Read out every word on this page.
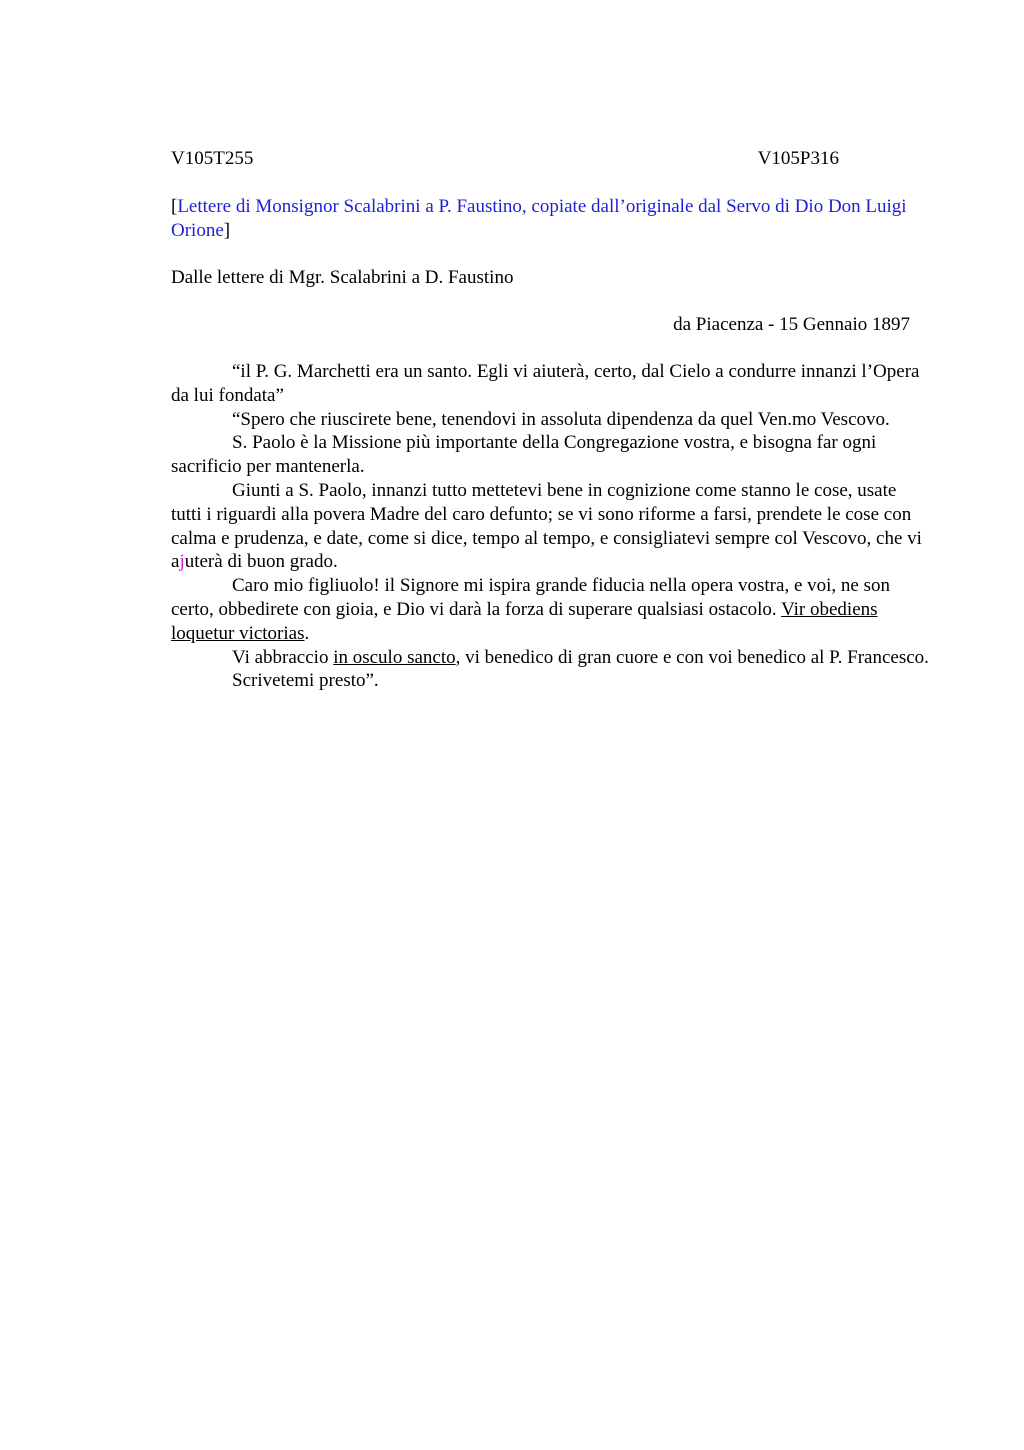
V105T255	V105P316
[Lettere di Monsignor Scalabrini a P. Faustino, copiate dall’originale dal Servo di Dio Don Luigi Orione]
Dalle lettere di Mgr. Scalabrini a D. Faustino
da Piacenza - 15 Gennaio 1897

“il P. G. Marchetti era un santo. Egli vi aiuterà, certo, dal Cielo a condurre innanzi l’Opera da lui fondata”

“Spero che riuscirete bene, tenendovi in assoluta dipendenza da quel Ven.mo Vescovo.

S. Paolo è la Missione più importante della Congregazione vostra, e bisogna far ogni sacrificio per mantenerla.

Giunti a S. Paolo, innanzi tutto mettetevi bene in cognizione come stanno le cose, usate tutti i riguardi alla povera Madre del caro defunto; se vi sono riforme a farsi, prendete le cose con calma e prudenza, e date, come si dice, tempo al tempo, e consigliatevi sempre col Vescovo, che vi ajuterà di buon grado.

Caro mio figliuolo! il Signore mi ispira grande fiducia nella opera vostra, e voi, ne son certo, obbedirete con gioia, e Dio vi darà la forza di superare qualsiasi ostacolo. Vir obediens loquetur victorias.

Vi abbraccio in osculo sancto, vi benedico di gran cuore e con voi benedico al P. Francesco.

Scrivetemi presto”.
